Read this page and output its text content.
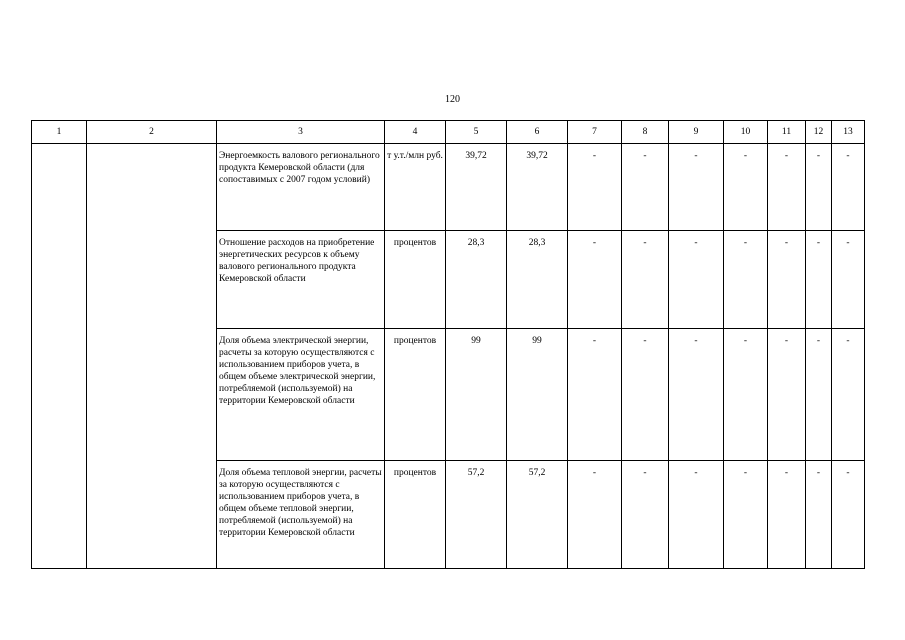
120
1	2	3	4	5	6	7	8	9	10	11	12	13
		Энергоемкость валового регионального продукта Кемеровской области (для сопоставимых с 2007 годом условий)	т у.т./млн руб.	39,72	39,72	-	-	-	-	-	-	-
		Отношение расходов на приобретение энергетических ресурсов к объему валового регионального продукта Кемеровской области	процентов	28,3	28,3	-	-	-	-	-	-	-
		Доля объема электрической энергии, расчеты за которую осуществляются с использованием приборов учета, в общем объеме электрической энергии, потребляемой (используемой) на территории Кемеровской области	процентов	99	99	-	-	-	-	-	-	-
		Доля объема тепловой энергии, расчеты за которую осуществляются с использованием приборов учета, в общем объеме тепловой энергии, потребляемой (используемой) на территории Кемеровской области	процентов	57,2	57,2	-	-	-	-	-	-	-
